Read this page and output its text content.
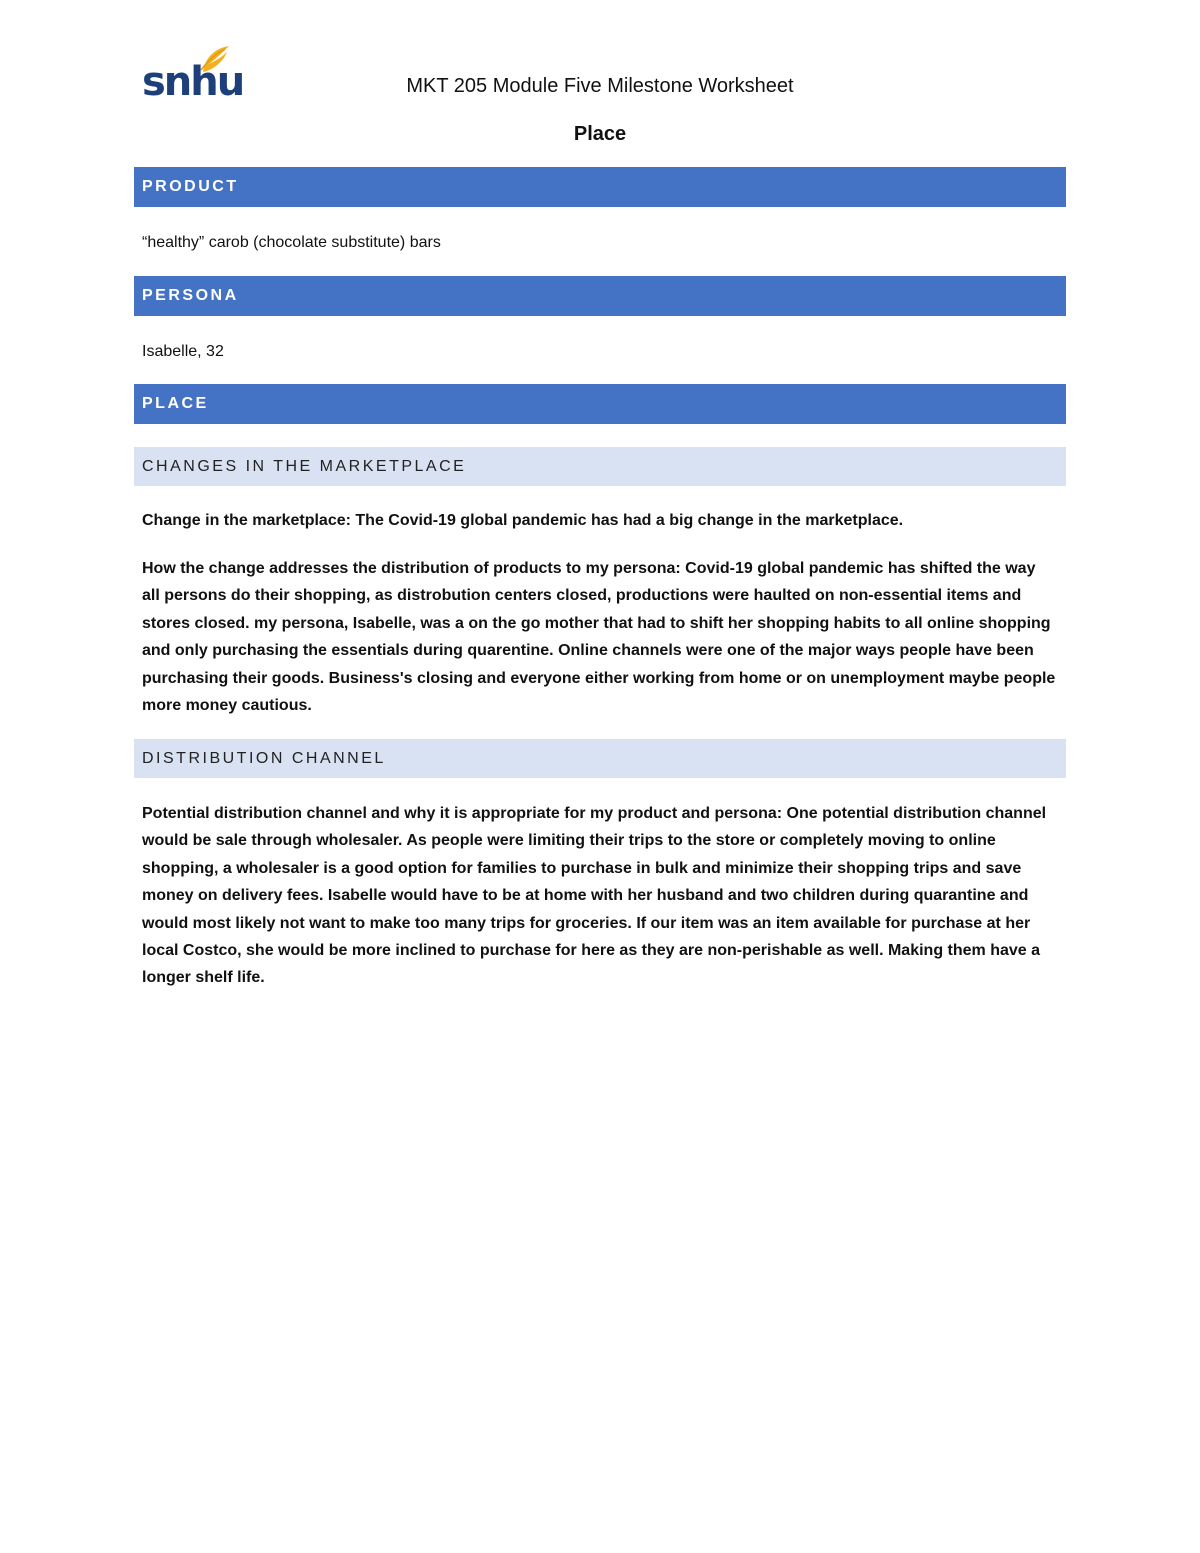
snhu	MKT 205 Module Five Milestone Worksheet
Place
PRODUCT

“healthy” carob (chocolate substitute) bars

PERSONA

Isabelle, 32

PLACE
CHANGES IN THE MARKETPLACE

Change in the marketplace: The Covid-19 global pandemic has had a big change in the marketplace.

How the change addresses the distribution of products to my persona: Covid-19 global pandemic has shifted the way all persons do their shopping, as distrobution centers closed, productions were haulted on non-essential items and stores closed. my persona, Isabelle, was a on the go mother that had to shift her shopping habits to all online shopping and only purchasing the essentials during quarentine. Online channels were one of the major ways people have been purchasing their goods. Business's closing and everyone either working from home or on unemployment maybe people more money cautious.

DISTRIBUTION CHANNEL

Potential distribution channel and why it is appropriate for my product and persona: One potential distribution channel would be sale through wholesaler. As people were limiting their trips to the store or completely moving to online shopping, a wholesaler is a good option for families to purchase in bulk and minimize their shopping trips and save money on delivery fees. Isabelle would have to be at home with her husband and two children during quarantine and would most likely not want to make too many trips for groceries. If our item was an item available for purchase at her local Costco, she would be more inclined to purchase for here as they are non-perishable as well. Making them have a longer shelf life.
